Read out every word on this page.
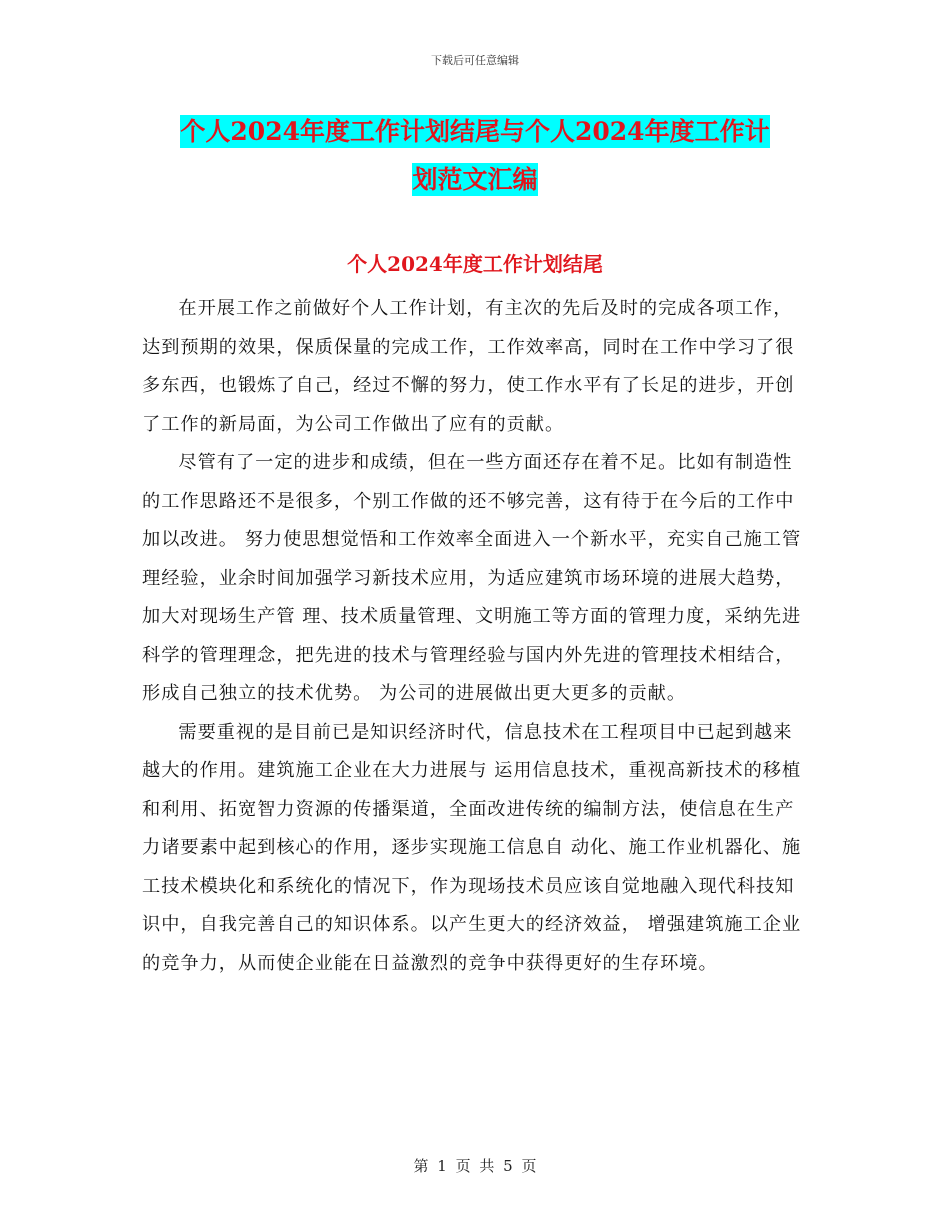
下载后可任意编辑
个人2024年度工作计划结尾与个人2024年度工作计
划范文汇编
个人2024年度工作计划结尾

在开展工作之前做好个人工作计划，有主次的先后及时的完成各项工作，达到预期的效果，保质保量的完成工作，工作效率高，同时在工作中学习了很多东西，也锻炼了自己，经过不懈的努力，使工作水平有了长足的进步，开创了工作的新局面，为公司工作做出了应有的贡献。

尽管有了一定的进步和成绩，但在一些方面还存在着不足。比如有制造性的工作思路还不是很多，个别工作做的还不够完善，这有待于在今后的工作中加以改进。 努力使思想觉悟和工作效率全面进入一个新水平，充实自己施工管理经验，业余时间加强学习新技术应用，为适应建筑市场环境的进展大趋势，加大对现场生产管 理、技术质量管理、文明施工等方面的管理力度，采纳先进科学的管理理念，把先进的技术与管理经验与国内外先进的管理技术相结合，形成自己独立的技术优势。 为公司的进展做出更大更多的贡献。

需要重视的是目前已是知识经济时代，信息技术在工程项目中已起到越来越大的作用。建筑施工企业在大力进展与 运用信息技术，重视高新技术的移植和利用、拓宽智力资源的传播渠道，全面改进传统的编制方法，使信息在生产力诸要素中起到核心的作用，逐步实现施工信息自 动化、施工作业机器化、施工技术模块化和系统化的情况下，作为现场技术员应该自觉地融入现代科技知识中，自我完善自己的知识体系。以产生更大的经济效益， 增强建筑施工企业的竞争力，从而使企业能在日益激烈的竞争中获得更好的生存环境。

第 1 页 共 5 页
